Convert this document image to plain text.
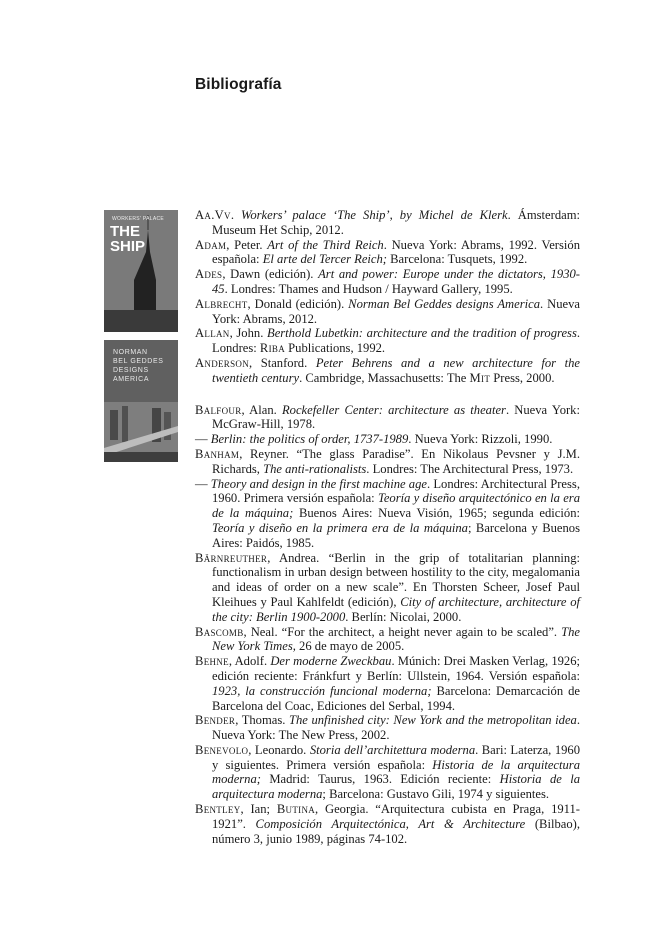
Bibliografía
WORKERS' PALACE
THE
SHIP
NORMAN
BEL GEDDES
DESIGNS
AMERICA

Aa.Vv. Workers’ palace ‘The Ship’, by Michel de Klerk. Ámsterdam: Museum Het Schip, 2012.

Adam, Peter. Art of the Third Reich. Nueva York: Abrams, 1992. Versión española: El arte del Tercer Reich; Barcelona: Tusquets, 1992.

Ades, Dawn (edición). Art and power: Europe under the dictators, 1930-45. Londres: Thames and Hudson / Hayward Gallery, 1995.

Albrecht, Donald (edición). Norman Bel Geddes designs America. Nueva York: Abrams, 2012.

Allan, John. Berthold Lubetkin: architecture and the tradition of progress. Londres: Riba Publications, 1992.

Anderson, Stanford. Peter Behrens and a new architecture for the twentieth century. Cambridge, Massachusetts: The Mit Press, 2000.

Balfour, Alan. Rockefeller Center: architecture as theater. Nueva York: McGraw-Hill, 1978.

— Berlin: the politics of order, 1737-1989. Nueva York: Rizzoli, 1990.

Banham, Reyner. “The glass Paradise”. En Nikolaus Pevsner y J.M. Richards, The anti-rationalists. Londres: The Architectural Press, 1973.

— Theory and design in the first machine age. Londres: Architectural Press, 1960. Primera versión española: Teoría y diseño arquitectónico en la era de la máquina; Buenos Aires: Nueva Visión, 1965; segunda edición: Teoría y diseño en la primera era de la máquina; Barcelona y Buenos Aires: Paidós, 1985.

Bärnreuther, Andrea. “Berlin in the grip of totalitarian planning: functionalism in urban design between hostility to the city, megalomania and ideas of order on a new scale”. En Thorsten Scheer, Josef Paul Kleihues y Paul Kahlfeldt (edición), City of architecture, architecture of the city: Berlin 1900-2000. Berlín: Nicolai, 2000.

Bascomb, Neal. “For the architect, a height never again to be scaled”. The New York Times, 26 de mayo de 2005.

Behne, Adolf. Der moderne Zweckbau. Múnich: Drei Masken Verlag, 1926; edición reciente: Fránkfurt y Berlín: Ullstein, 1964. Versión española: 1923, la construcción funcional moderna; Barcelona: Demarcación de Barcelona del Coac, Ediciones del Serbal, 1994.

Bender, Thomas. The unfinished city: New York and the metropolitan idea. Nueva York: The New Press, 2002.

Benevolo, Leonardo. Storia dell’architettura moderna. Bari: Laterza, 1960 y siguientes. Primera versión española: Historia de la arquitectura moderna; Madrid: Taurus, 1963. Edición reciente: Historia de la arquitectura moderna; Barcelona: Gustavo Gili, 1974 y siguientes.

Bentley, Ian; Butina, Georgia. “Arquitectura cubista en Praga, 1911-1921”. Composición Arquitectónica, Art & Architecture (Bilbao), número 3, junio 1989, páginas 74-102.
